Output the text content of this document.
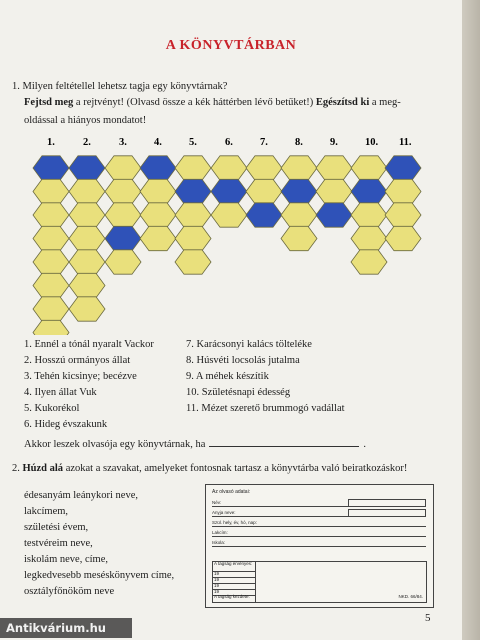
A KÖNYVTÁRBAN
1. Milyen feltétellel lehetsz tagja egy könyvtárnak?
Fejtsd meg a rejtvényt! (Olvasd össze a kék háttérben lévő betűket!) Egészítsd ki a meg-
oldással a hiányos mondatot!
1.	2.	3.	4.	5.	6.	7.	8.	9.	10. 11.
1. Ennél a tónál nyaralt Vackor
2. Hosszú ormányos állat
3. Tehén kicsinye; becézve
4. Ilyen állat Vuk
5. Kukorékol
6. Hideg évszakunk
7. Karácsonyi kalács töltelékе
8. Húsvéti locsolás jutalma
9. A méhek készítik
10. Születésnapi édesség
11. Mézet szerető brummogó vadállat
Akkor leszek olvasója egy könyvtárnak, ha	.
2. Húzd alá azokat a szavakat, amelyeket fontosnak tartasz a könyvtárba való beiratkozáskor!
édesanyám leánykori neve,
lakcímem,
születési évem,
testvéreim neve,
iskolám neve, címe,
legkedvesebb meséskönyvem címe,
osztályfőnököm neve
Az olvasó adatai:
Név:
Anyja neve:
Szül. hely, év, hó, nap:
Lakcím:
Iskola:
A tagság érvényes:
19
19
19
19
A tagság kezdete:	NKD. 66/84.
5
Antikvárium.hu
